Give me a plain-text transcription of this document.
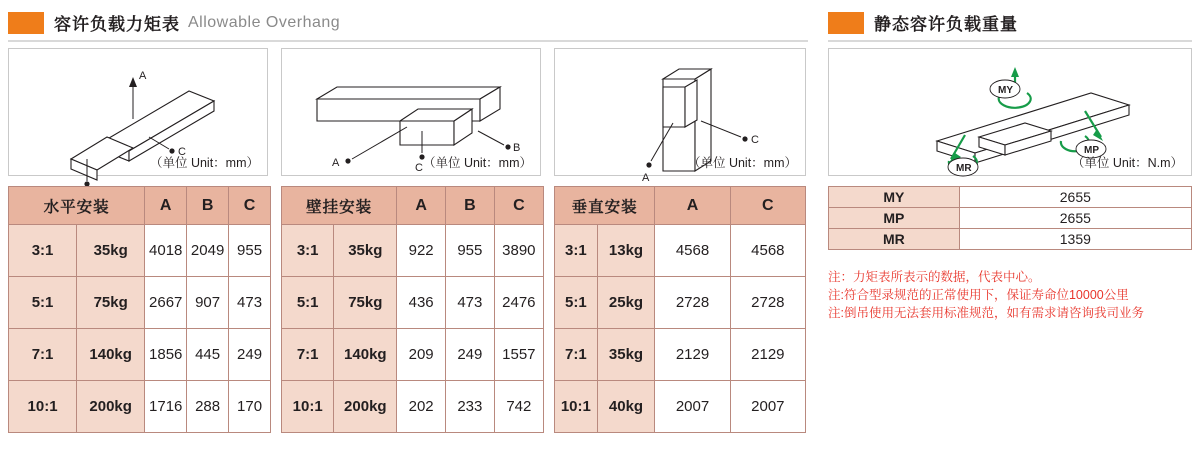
容许负载力矩表 Allowable Overhang	静态容许负载重量
A
C
（单位 Unit：mm）	A	C
B
（单位 Unit：mm）
A
C
（单位 Unit：mm）
MY
MP
MR	（单位 Unit：N.m）
水平安装		A	B	C
3:1	35kg	4018	2049	955
5:1	75kg	2667	907	473
7:1	140kg	1856	445	249
10:1	200kg	1716	288	170
壁挂安装		A	B	C
3:1	35kg	922	955	3890
5:1	75kg	436	473	2476
7:1	140kg	209	249	1557
10:1	200kg	202	233	742
垂直安装		A	C
3:1	13kg	4568	4568
5:1	25kg	2728	2728
7:1	35kg	2129	2129
10:1	40kg	2007	2007
MY	2655
MP	2655
MR	1359
注：力矩表所表示的数据，代表中心。
注:符合型录规范的正常使用下，保证寿命位10000公里
注:倒吊使用无法套用标准规范，如有需求请咨询我司业务
